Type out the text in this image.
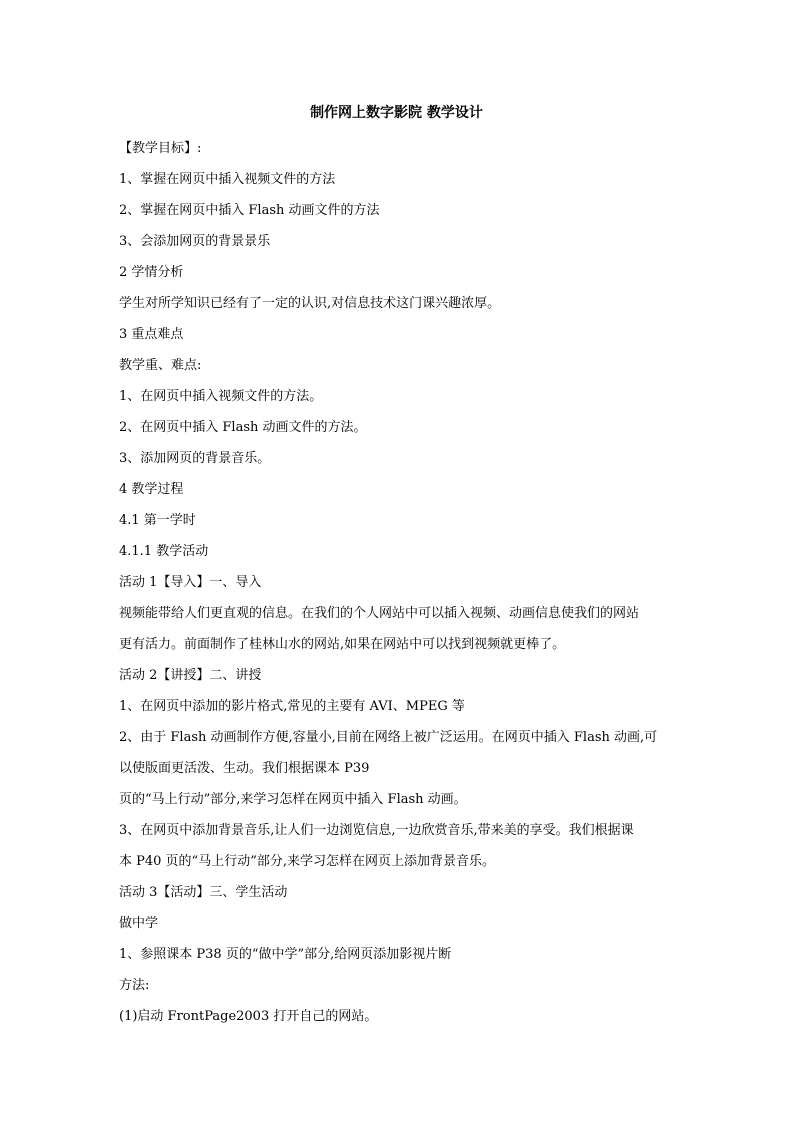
制作网上数字影院 教学设计
【教学目标】:
1、掌握在网页中插入视频文件的方法
2、掌握在网页中插入 Flash 动画文件的方法
3、会添加网页的背景景乐
2 学情分析
学生对所学知识已经有了一定的认识,对信息技术这门课兴趣浓厚。
3 重点难点
教学重、难点:
1、在网页中插入视频文件的方法。
2、在网页中插入 Flash 动画文件的方法。
3、添加网页的背景音乐。
4 教学过程
4.1 第一学时
4.1.1 教学活动
活动 1【导入】一、导入
视频能带给人们更直观的信息。在我们的个人网站中可以插入视频、动画信息使我们的网站
更有活力。前面制作了桂林山水的网站,如果在网站中可以找到视频就更棒了。
活动 2【讲授】二、讲授
1、在网页中添加的影片格式,常见的主要有 AVI、MPEG 等
2、由于 Flash 动画制作方便,容量小,目前在网络上被广泛运用。在网页中插入 Flash 动画,可
以使版面更活泼、生动。我们根据课本 P39
页的“马上行动”部分,来学习怎样在网页中插入 Flash 动画。
3、在网页中添加背景音乐,让人们一边浏览信息,一边欣赏音乐,带来美的享受。我们根据课
本 P40 页的“马上行动”部分,来学习怎样在网页上添加背景音乐。
活动 3【活动】三、学生活动
做中学
1、参照课本 P38 页的“做中学”部分,给网页添加影视片断
方法:
(1)启动 FrontPage2003 打开自己的网站。
